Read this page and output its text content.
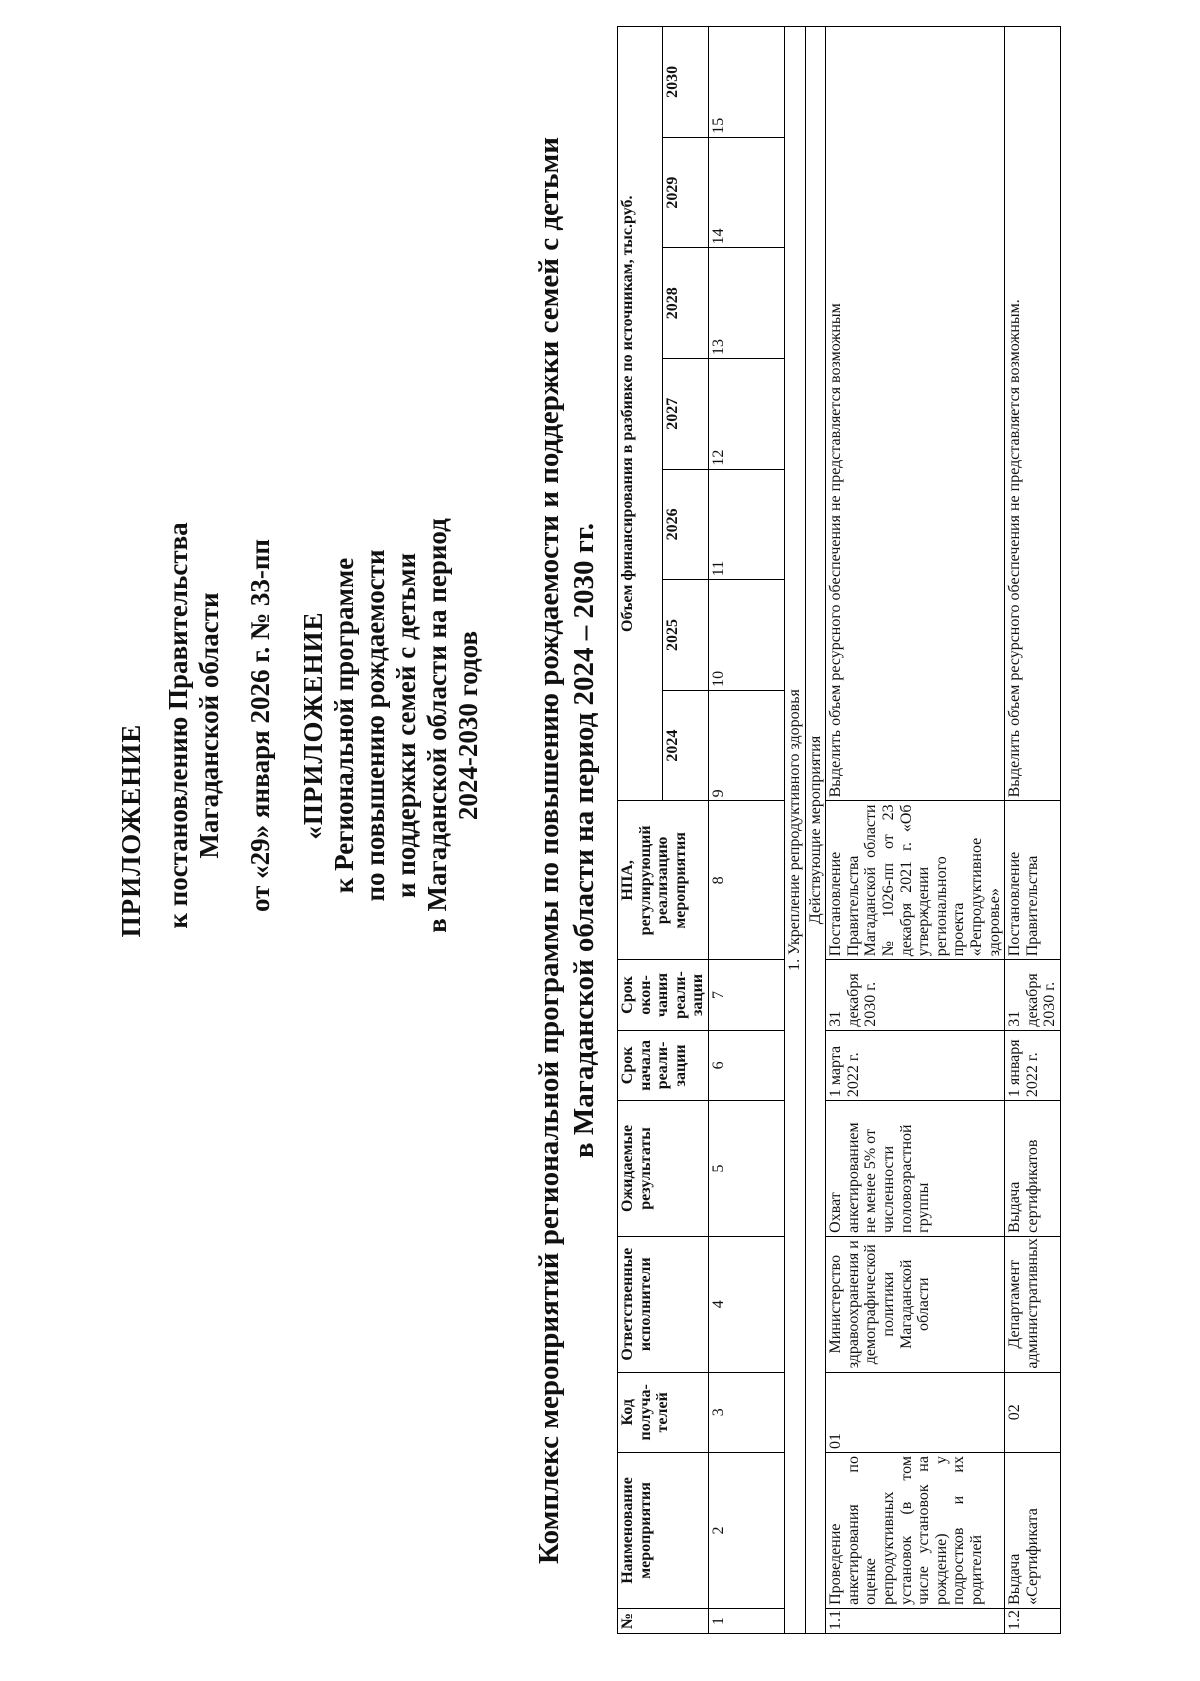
ПРИЛОЖЕНИЕ к постановлению Правительства Магаданской области от «29» января 2026 г. № 33-пп «ПРИЛОЖЕНИЕ к Региональной программе по повышению рождаемости и поддержки семей с детьми в Магаданской области на период 2024-2030 годов Комплекс мероприятий региональной программы по повышению рождаемости и поддержки семей с детьми в Магаданской области на период 2024 – 2030 гг.
№	Наименование мероприятия	Код получа-телей	Ответственные исполнители	Ожидаемые результаты	Срок начала реали-зации	Срок окон-чания реали-зации	НПА, регулирующий реализацию мероприятия	Объем финансирования в разбивке по источникам, тыс.руб.						
								2024	2025	2026	2027	2028	2029	2030
1	2	3	4	5	6	7	8	9	10	11	12	13	14	15
1. Укрепление репродуктивного здоровья														
Действующие мероприятия														
1.1	Проведение анкетирования по оценке репродуктивных установок (в том числе установок на рождение) у подростков и их родителей	01	Министерство здравоохранения и демографической политики Магаданской области	Охват анкетированием не менее 5% от численности половозрастной группы	1 марта 2022 г.	31 декабря 2030 г.	Постановление Правительства Магаданской области № 1026-пп от 23 декабря 2021 г. «Об утверждении регионального проекта «Репродуктивное здоровье»	Выделить объем ресурсного обеспечения не представляется возможным						
1.2	Выдача «Сертификата	02	Департамент административных	Выдача сертификатов	1 января 2022 г.	31 декабря 2030 г.	Постановление Правительства	Выделить объем ресурсного обеспечения не представляется возможным.						
